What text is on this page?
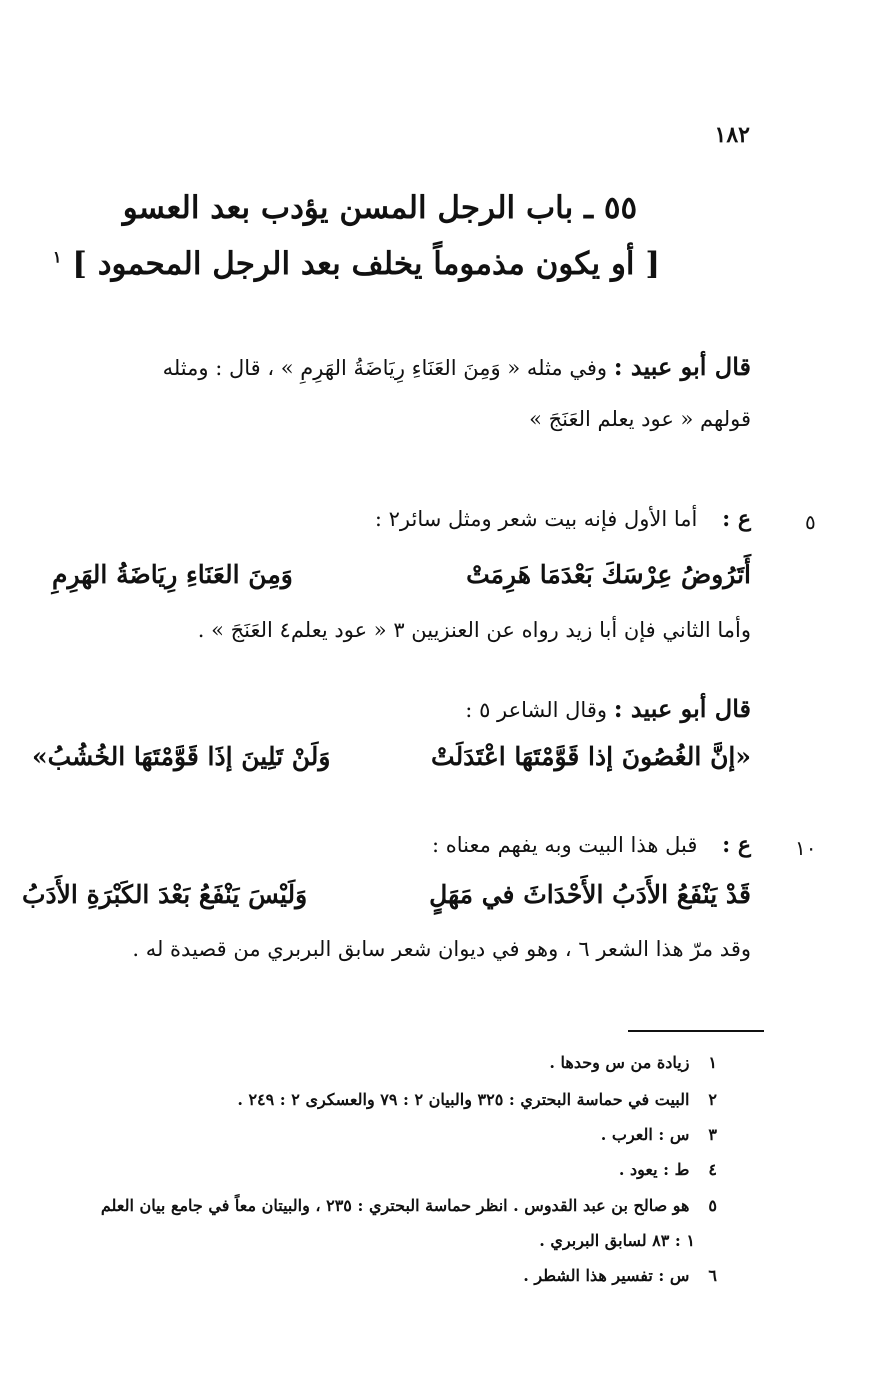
١٨٢
٥٥ ـ باب الرجل المسن يؤدب بعد العسو
[ أو يكون مذموماً يخلف بعد الرجل المحمود ] $^١$
قال أبو عبيد : وفي مثله « وَمِنَ العَنَاءِ رِيَاضَةُ الهَرِمِ » ، قال : ومثله
قولهم « عود يعلم العَنَجَ »
٥
ع : أما الأول فإنه بيت شعر ومثل سائر٢ :
أَتَرُوضُ عِرْسَكَ بَعْدَمَا هَرِمَتْ
وَمِنَ العَنَاءِ رِيَاضَةُ الهَرِمِ
وأما الثاني فإن أبا زيد رواه عن العنزيين ٣ « عود يعلم٤ العَنَجَ » .
قال أبو عبيد : وقال الشاعر ٥ :
«إنَّ الغُصُونَ إذا قَوَّمْتَهَا اعْتَدَلَتْ
وَلَنْ تَلِينَ إذَا قَوَّمْتَهَا الخُشُبُ»
١٠
ع : قبل هذا البيت وبه يفهم معناه :
قَدْ يَنْفَعُ الأَدَبُ الأَحْدَاثَ في مَهَلٍ
وَلَيْسَ يَنْفَعُ بَعْدَ الكَبْرَةِ الأَدَبُ
وقد مرّ هذا الشعر ٦ ، وهو في ديوان شعر سابق البربري من قصيدة له .
١ زيادة من س وحدها .
٢ البيت في حماسة البحتري : ٣٢٥ والبيان ٢ : ٧٩ والعسكرى ٢ : ٢٤٩ .
٣ س : العرب .
٤ ط : يعود .
٥ هو صالح بن عبد القدوس . انظر حماسة البحتري : ٢٣٥ ، والبيتان معاً في جامع بيان العلم
١ : ٨٣ لسابق البربري .
٦ س : تفسير هذا الشطر .
